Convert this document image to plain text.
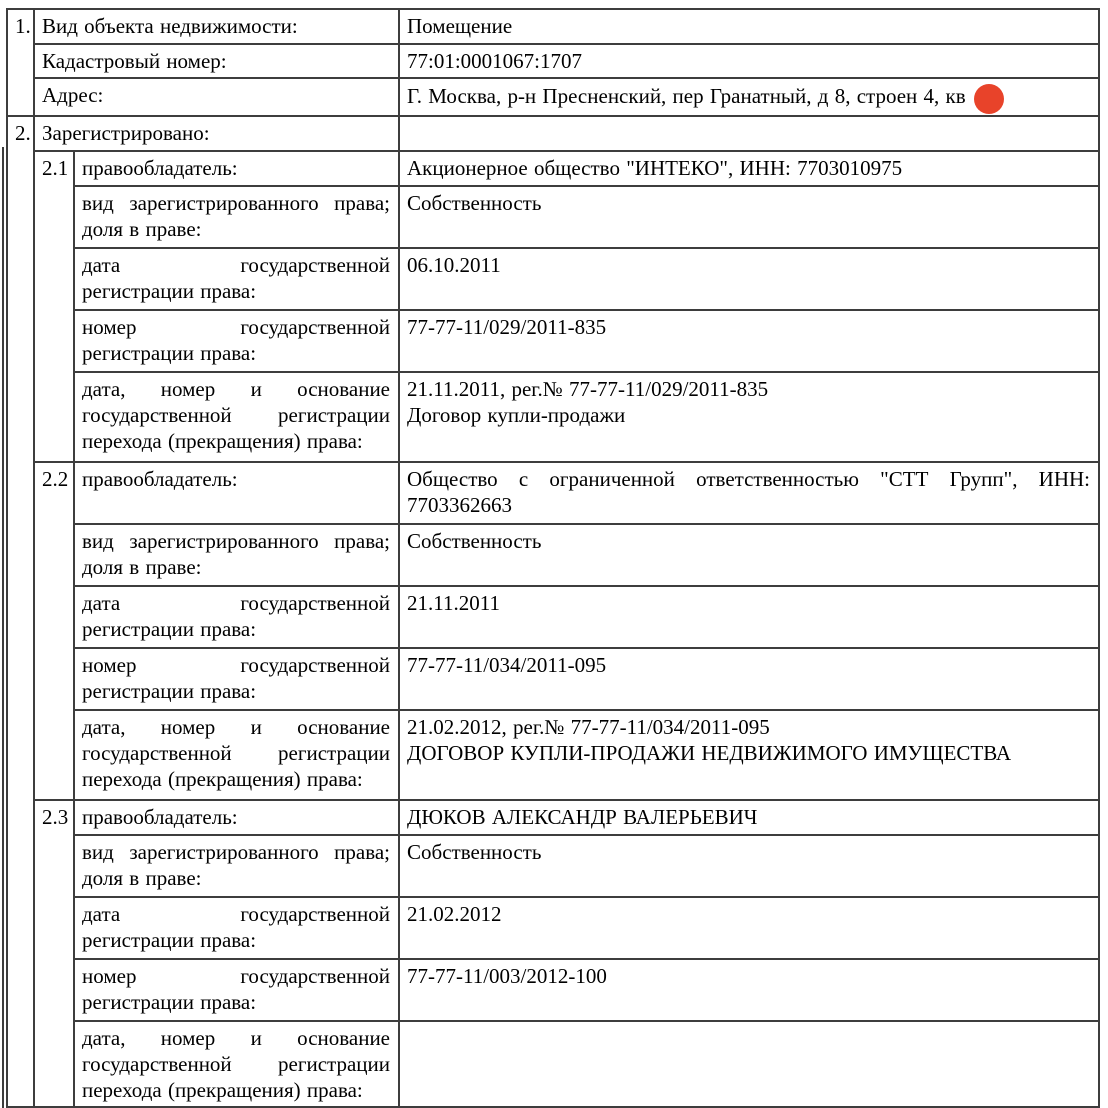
1.	Вид объекта недвижимости:		Помещение
	Кадастровый номер:		77:01:0001067:1707
	Адрес:		Г. Москва, р-н Пресненский, пер Гранатный, д 8, строен 4, кв
2.	Зарегистрировано:		
	2.1	правообладатель:	Акционерное общество "ИНТЕКО", ИНН: 7703010975
		вид зарегистрированного права; доля в праве:	Собственность
		дата государственной регистрации права:	06.10.2011
		номер государственной регистрации права:	77-77-11/029/2011-835
		дата, номер и основание государственной регистрации перехода (прекращения) права:	21.11.2011, рег.№ 77-77-11/029/2011-835
Договор купли-продажи

	2.2	правообладатель:	Общество с ограниченной ответственностью "СТТ Групп", ИНН: 7703362663
		вид зарегистрированного права; доля в праве:	Собственность
		дата государственной регистрации права:	21.11.2011
		номер государственной регистрации права:	77-77-11/034/2011-095
		дата, номер и основание государственной регистрации перехода (прекращения) права:	21.02.2012, рег.№ 77-77-11/034/2011-095
ДОГОВОР КУПЛИ-ПРОДАЖИ НЕДВИЖИМОГО ИМУЩЕСТВА

	2.3	правообладатель:	ДЮКОВ АЛЕКСАНДР ВАЛЕРЬЕВИЧ
		вид зарегистрированного права; доля в праве:	Собственность
		дата государственной регистрации права:	21.02.2012
		номер государственной регистрации права:	77-77-11/003/2012-100
		дата, номер и основание государственной регистрации перехода (прекращения) права:	
